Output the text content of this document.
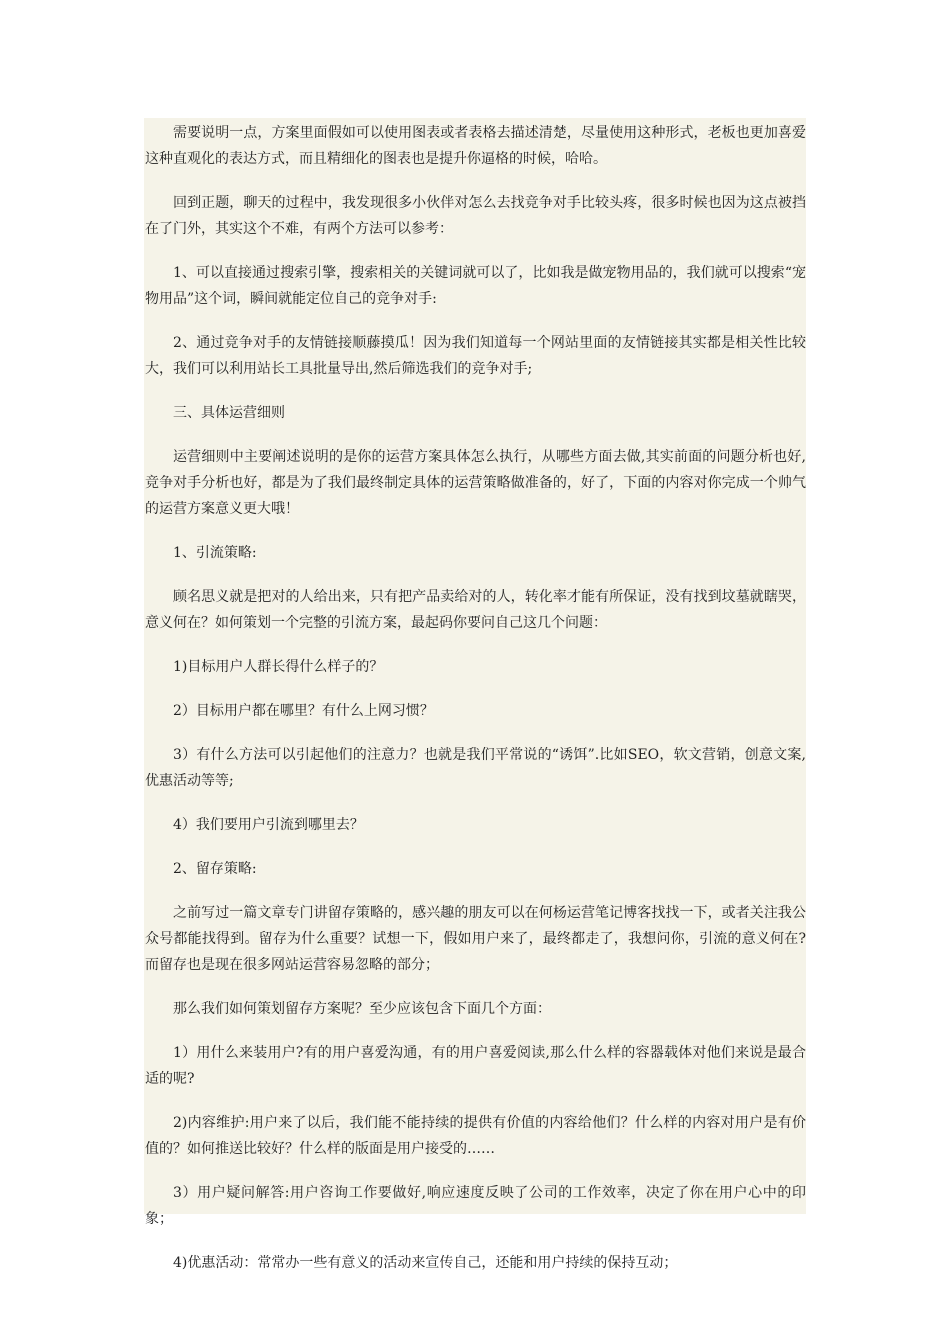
需要说明一点，方案里面假如可以使用图表或者表格去描述清楚，尽量使用这种形式，老板也更加喜爱这种直观化的表达方式，而且精细化的图表也是提升你逼格的时候，哈哈。

回到正题，聊天的过程中，我发现很多小伙伴对怎么去找竞争对手比较头疼，很多时候也因为这点被挡在了门外，其实这个不难，有两个方法可以参考：

1、可以直接通过搜索引擎，搜索相关的关键词就可以了，比如我是做宠物用品的，我们就可以搜索“宠物用品”这个词，瞬间就能定位自己的竞争对手:

2、通过竞争对手的友情链接顺藤摸瓜！因为我们知道每一个网站里面的友情链接其实都是相关性比较大，我们可以利用站长工具批量导出,然后筛选我们的竞争对手;

三、具体运营细则

运营细则中主要阐述说明的是你的运营方案具体怎么执行，从哪些方面去做,其实前面的问题分析也好,竞争对手分析也好，都是为了我们最终制定具体的运营策略做准备的，好了，下面的内容对你完成一个帅气的运营方案意义更大哦！

1、引流策略:

顾名思义就是把对的人给出来，只有把产品卖给对的人，转化率才能有所保证，没有找到坟墓就瞎哭，意义何在？如何策划一个完整的引流方案，最起码你要问自己这几个问题：

1)目标用户人群长得什么样子的？

2）目标用户都在哪里？有什么上网习惯？

3）有什么方法可以引起他们的注意力？也就是我们平常说的“诱饵”.比如SEO，软文营销，创意文案,优惠活动等等;

4）我们要用户引流到哪里去？

2、留存策略:

之前写过一篇文章专门讲留存策略的，感兴趣的朋友可以在何杨运营笔记博客找找一下，或者关注我公众号都能找得到。留存为什么重要？试想一下，假如用户来了，最终都走了，我想问你，引流的意义何在?而留存也是现在很多网站运营容易忽略的部分；

那么我们如何策划留存方案呢？至少应该包含下面几个方面：

1）用什么来装用户?有的用户喜爱沟通，有的用户喜爱阅读,那么什么样的容器载体对他们来说是最合适的呢?

2)内容维护:用户来了以后，我们能不能持续的提供有价值的内容给他们？什么样的内容对用户是有价值的？如何推送比较好？什么样的版面是用户接受的……

3）用户疑问解答:用户咨询工作要做好,响应速度反映了公司的工作效率，决定了你在用户心中的印象；

4)优惠活动：常常办一些有意义的活动来宣传自己，还能和用户持续的保持互动；
